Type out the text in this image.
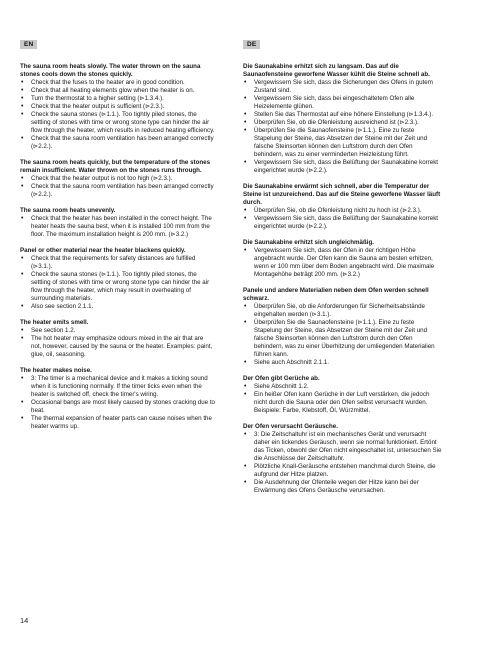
EN

The sauna room heats slowly. The water thrown on the sauna stones cools down the stones quickly.

• Check that the fuses to the heater are in good condition.
• Check that all heating elements glow when the heater is on.
• Turn the thermostat to a higher setting (⊳1.3.4.).
• Check that the heater output is sufficient (⊳2.3.).
• Check the sauna stones (⊳1.1.). Too tightly piled stones, the settling of stones with time or wrong stone type can hinder the air flow through the heater, which results in reduced heating efficiency.
• Check that the sauna room ventilation has been arranged correctly (⊳2.2.).

The sauna room heats quickly, but the temperature of the stones remain insufficient. Water thrown on the stones runs through.

• Check that the heater output is not too high (⊳2.3.).
• Check that the sauna room ventilation has been arranged correctly (⊳2.2.).

The sauna room heats unevenly.

• Check that the heater has been installed in the correct height. The heater heats the sauna best, when it is installed 100 mm from the floor. The maximum installation height is 200 mm. (⊳3.2.)

Panel or other material near the heater blackens quickly.

• Check that the requirements for safety distances are fulfilled (⊳3.1.).
• Check the sauna stones (⊳1.1.). Too tightly piled stones, the settling of stones with time or wrong stone type can hinder the air flow through the heater, which may result in overheating of surrounding materials.
• Also see section 2.1.1.

The heater emits smell.

• See section 1.2.
• The hot heater may emphasize odours mixed in the air that are not, however, caused by the sauna or the heater. Examples: paint, glue, oil, seasoning.

The heater makes noise.

• 3: The timer is a mechanical device and it makes a ticking sound when it is functioning normally. If the timer ticks even when the heater is switched off, check the timer's wiring.
• Occasional bangs are most likely caused by stones cracking due to heat.
• The thermal expansion of heater parts can cause noises when the heater warms up.
DE

Die Saunakabine erhitzt sich zu langsam. Das auf die Saunaofensteine geworfene Wasser kühlt die Steine schnell ab.

• Vergewissern Sie sich, dass die Sicherungen des Ofens in gutem Zustand sind.
• Vergewissern Sie sich, dass bei eingeschaltetem Ofen alle Heizelemente glühen.
• Stellen Sie das Thermostat auf eine höhere Einstellung (⊳1.3.4.).
• Überprüfen Sie, ob die Ofenleistung ausreichend ist (⊳2.3.).
• Überprüfen Sie die Saunaofensteine (⊳1.1.). Eine zu feste Stapelung der Steine, das Absetzen der Steine mit der Zeit und falsche Steinsorten können den Luftstrom durch den Ofen behindern, was zu einer verminderten Heizleistung führt.
• Vergewissern Sie sich, dass die Belüftung der Saunakabine korrekt eingerichtet wurde (⊳2.2.).

Die Saunakabine erwärmt sich schnell, aber die Temperatur der Steine ist unzureichend. Das auf die Steine geworfene Wasser läuft durch.

• Überprüfen Sie, ob die Ofenleistung nicht zu hoch ist (⊳2.3.).
• Vergewissern Sie sich, dass die Belüftung der Saunakabine korrekt eingerichtet wurde (⊳2.2.).

Die Saunakabine erhitzt sich ungleichmäßig.

• Vergewissern Sie sich, dass der Ofen in der richtigen Höhe angebracht wurde. Der Ofen kann die Sauna am besten erhitzen, wenn er 100 mm über dem Boden angebracht wird. Die maximale Montagehöhe beträgt 200 mm. (⊳3.2.)

Panele und andere Materialien neben dem Ofen werden schnell schwarz.

• Überprüfen Sie, ob die Anforderungen für Sicherheitsabstände eingehalten werden (⊳3.1.).
• Überprüfen Sie die Saunaofensteine (⊳1.1.). Eine zu feste Stapelung der Steine, das Absetzen der Steine mit der Zeit und falsche Steinsorten können den Luftstrom durch den Ofen behindern, was zu einer Überhitzung der umliegenden Materialien führen kann.
• Siehe auch Abschnitt 2.1.1.

Der Ofen gibt Gerüche ab.

• Siehe Abschnitt 1.2.
• Ein heißer Ofen kann Gerüche in der Luft verstärken, die jedoch nicht durch die Sauna oder den Ofen selbst verursacht wurden. Beispiele: Farbe, Klebstoff, Öl, Würzmittel.

Der Ofen verursacht Geräusche.

• 3: Die Zeitschaltuhr ist ein mechanisches Gerät und verursacht daher ein tickendes Geräusch, wenn sie normal funktioniert. Ertönt das Ticken, obwohl der Ofen nicht eingeschaltet ist, untersuchen Sie die Anschlüsse der Zeitschaltuhr.
• Plötzliche Knall-Geräusche entstehen manchmal durch Steine, die aufgrund der Hitze platzen.
• Die Ausdehnung der Ofenteile wegen der Hitze kann bei der Erwärmung des Ofens Geräusche verursachen.
14
